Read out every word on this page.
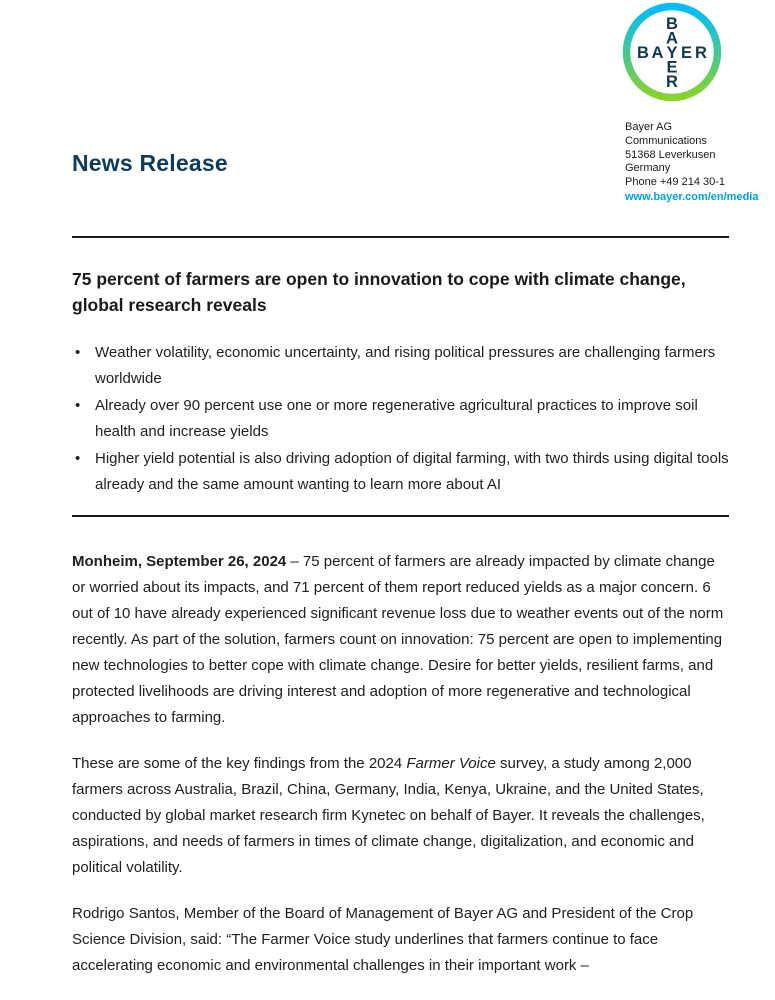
B A Y E R
B
A
E
R
News Release
Bayer AG
Communications
51368 Leverkusen
Germany
Phone +49 214 30-1
www.bayer.com/en/media
75 percent of farmers are open to innovation to cope with climate change, global research reveals
• Weather volatility, economic uncertainty, and rising political pressures are challenging farmers worldwide
• Already over 90 percent use one or more regenerative agricultural practices to improve soil health and increase yields
• Higher yield potential is also driving adoption of digital farming, with two thirds using digital tools already and the same amount wanting to learn more about AI

Monheim, September 26, 2024 – 75 percent of farmers are already impacted by climate change or worried about its impacts, and 71 percent of them report reduced yields as a major concern. 6 out of 10 have already experienced significant revenue loss due to weather events out of the norm recently. As part of the solution, farmers count on innovation: 75 percent are open to implementing new technologies to better cope with climate change. Desire for better yields, resilient farms, and protected livelihoods are driving interest and adoption of more regenerative and technological approaches to farming.

These are some of the key findings from the 2024 Farmer Voice survey, a study among 2,000 farmers across Australia, Brazil, China, Germany, India, Kenya, Ukraine, and the United States, conducted by global market research firm Kynetec on behalf of Bayer. It reveals the challenges, aspirations, and needs of farmers in times of climate change, digitalization, and economic and political volatility.

Rodrigo Santos, Member of the Board of Management of Bayer AG and President of the Crop Science Division, said: “The Farmer Voice study underlines that farmers continue to face accelerating economic and environmental challenges in their important work –
